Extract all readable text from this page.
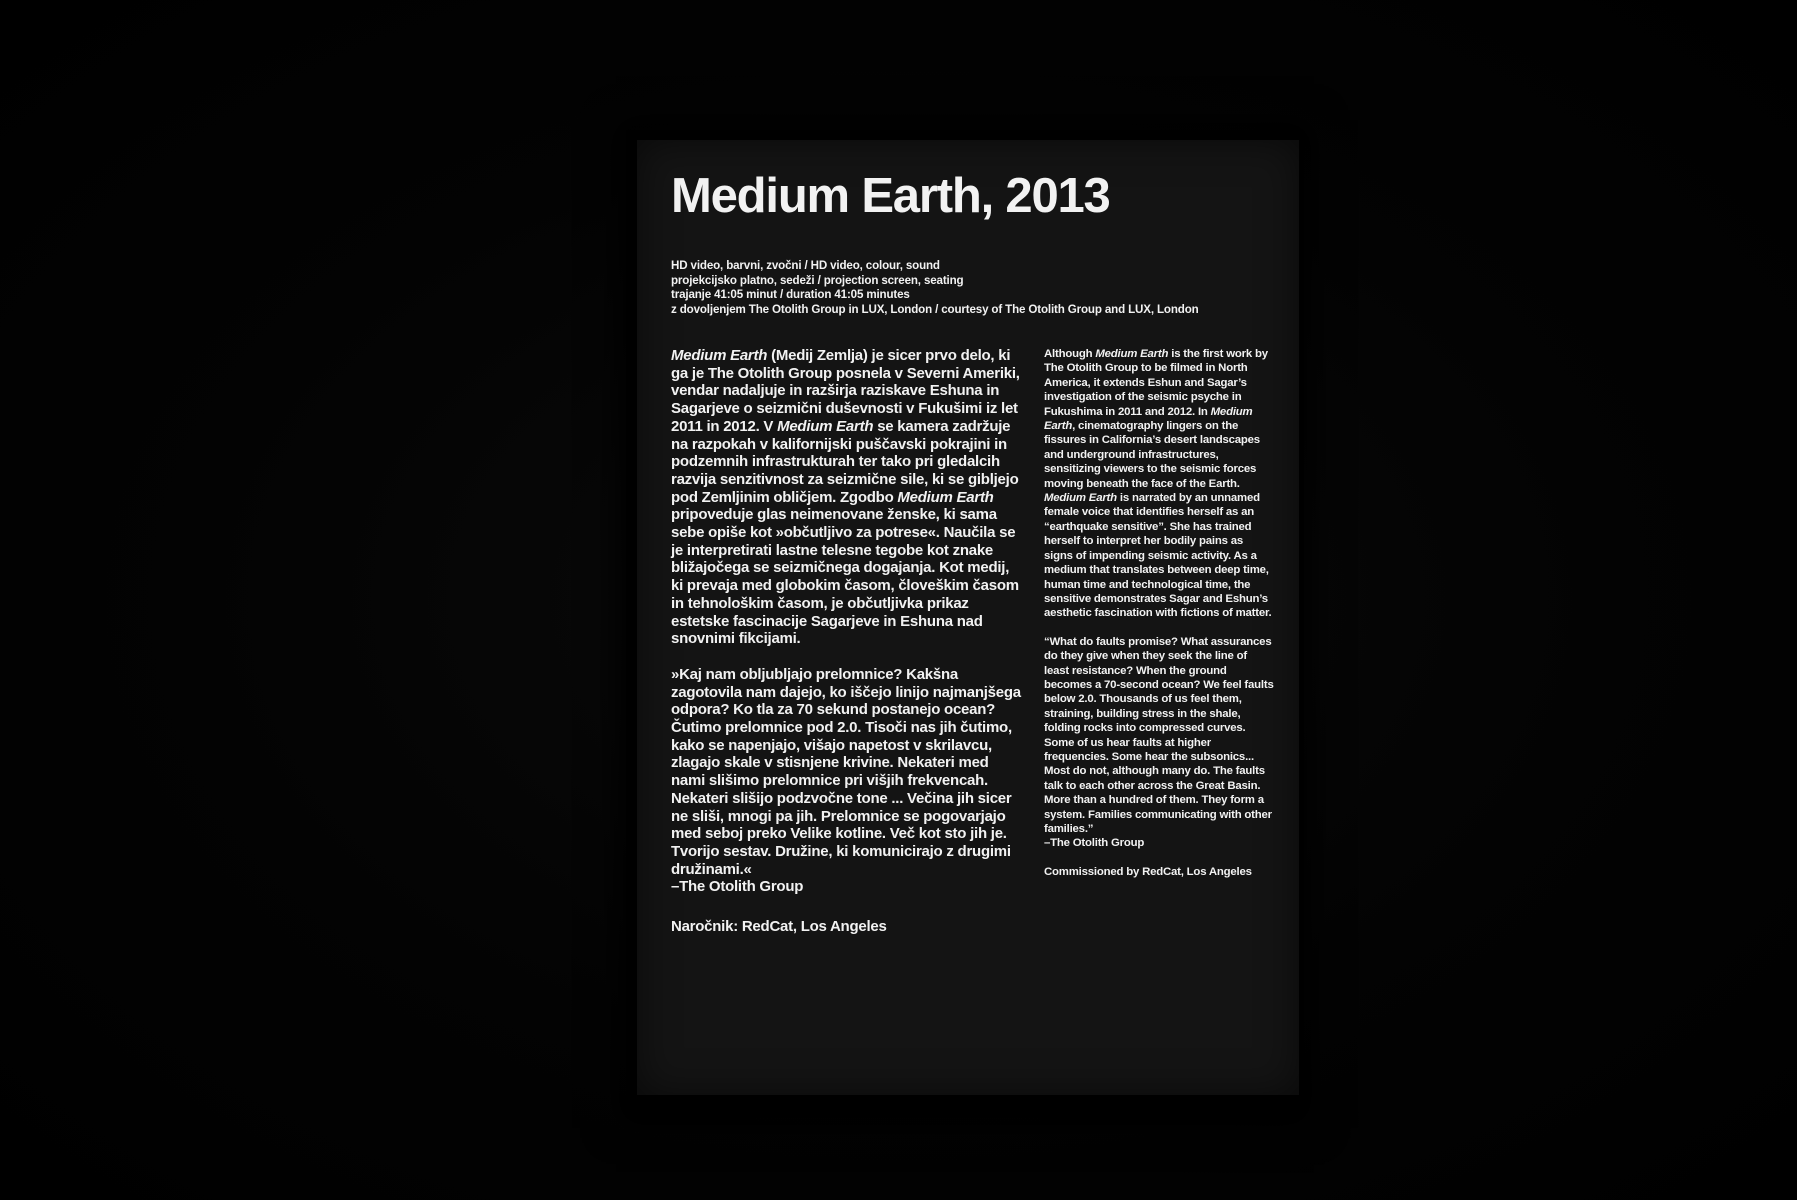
Medium Earth, 2013
HD video, barvni, zvočni / HD video, colour, sound
projekcijsko platno, sedeži / projection screen, seating
trajanje 41:05 minut / duration 41:05 minutes
z dovoljenjem The Otolith Group in LUX, London / courtesy of The Otolith Group and LUX, London

Medium Earth (Medij Zemlja) je sicer prvo delo, ki ga je The Otolith Group posnela v Severni Ameriki, vendar nadaljuje in razširja raziskave Eshuna in Sagarjeve o seizmični duševnosti v Fukušimi iz let 2011 in 2012. V Medium Earth se kamera zadržuje na razpokah v kalifornijski puščavski pokrajini in podzemnih infrastrukturah ter tako pri gledalcih razvija senzitivnost za seizmične sile, ki se gibljejo pod Zemljinim obličjem. Zgodbo Medium Earth pripoveduje glas neimenovane ženske, ki sama sebe opiše kot »občutljivo za potrese«. Naučila se je interpretirati lastne telesne tegobe kot znake bližajočega se seizmičnega dogajanja. Kot medij, ki prevaja med globokim časom, človeškim časom in tehnološkim časom, je občutljivka prikaz estetske fascinacije Sagarjeve in Eshuna nad snovnimi fikcijami.

»Kaj nam obljubljajo prelomnice? Kakšna zagotovila nam dajejo, ko iščejo linijo najmanjšega odpora? Ko tla za 70 sekund postanejo ocean? Čutimo prelomnice pod 2.0. Tisoči nas jih čutimo, kako se napenjajo, višajo napetost v skrilavcu, zlagajo skale v stisnjene krivine. Nekateri med nami slišimo prelomnice pri višjih frekvencah. Nekateri slišijo podzvočne tone ... Večina jih sicer ne sliši, mnogi pa jih. Prelomnice se pogovarjajo med seboj preko Velike kotline. Več kot sto jih je. Tvorijo sestav. Družine, ki komunicirajo z drugimi družinami.«

–The Otolith Group

Naročnik: RedCat, Los Angeles

Although Medium Earth is the first work by The Otolith Group to be filmed in North America, it extends Eshun and Sagar’s investigation of the seismic psyche in Fukushima in 2011 and 2012. In Medium Earth, cinematography lingers on the fissures in California’s desert landscapes and underground infrastructures, sensitizing viewers to the seismic forces moving beneath the face of the Earth. Medium Earth is narrated by an unnamed female voice that identifies herself as an “earthquake sensitive”. She has trained herself to interpret her bodily pains as signs of impending seismic activity. As a medium that translates between deep time, human time and technological time, the sensitive demonstrates Sagar and Eshun’s aesthetic fascination with fictions of matter.

“What do faults promise? What assurances do they give when they seek the line of least resistance? When the ground becomes a 70-second ocean? We feel faults below 2.0. Thousands of us feel them, straining, building stress in the shale, folding rocks into compressed curves. Some of us hear faults at higher frequencies. Some hear the subsonics... Most do not, although many do. The faults talk to each other across the Great Basin. More than a hundred of them. They form a system. Families communicating with other families.”

–The Otolith Group

Commissioned by RedCat, Los Angeles
